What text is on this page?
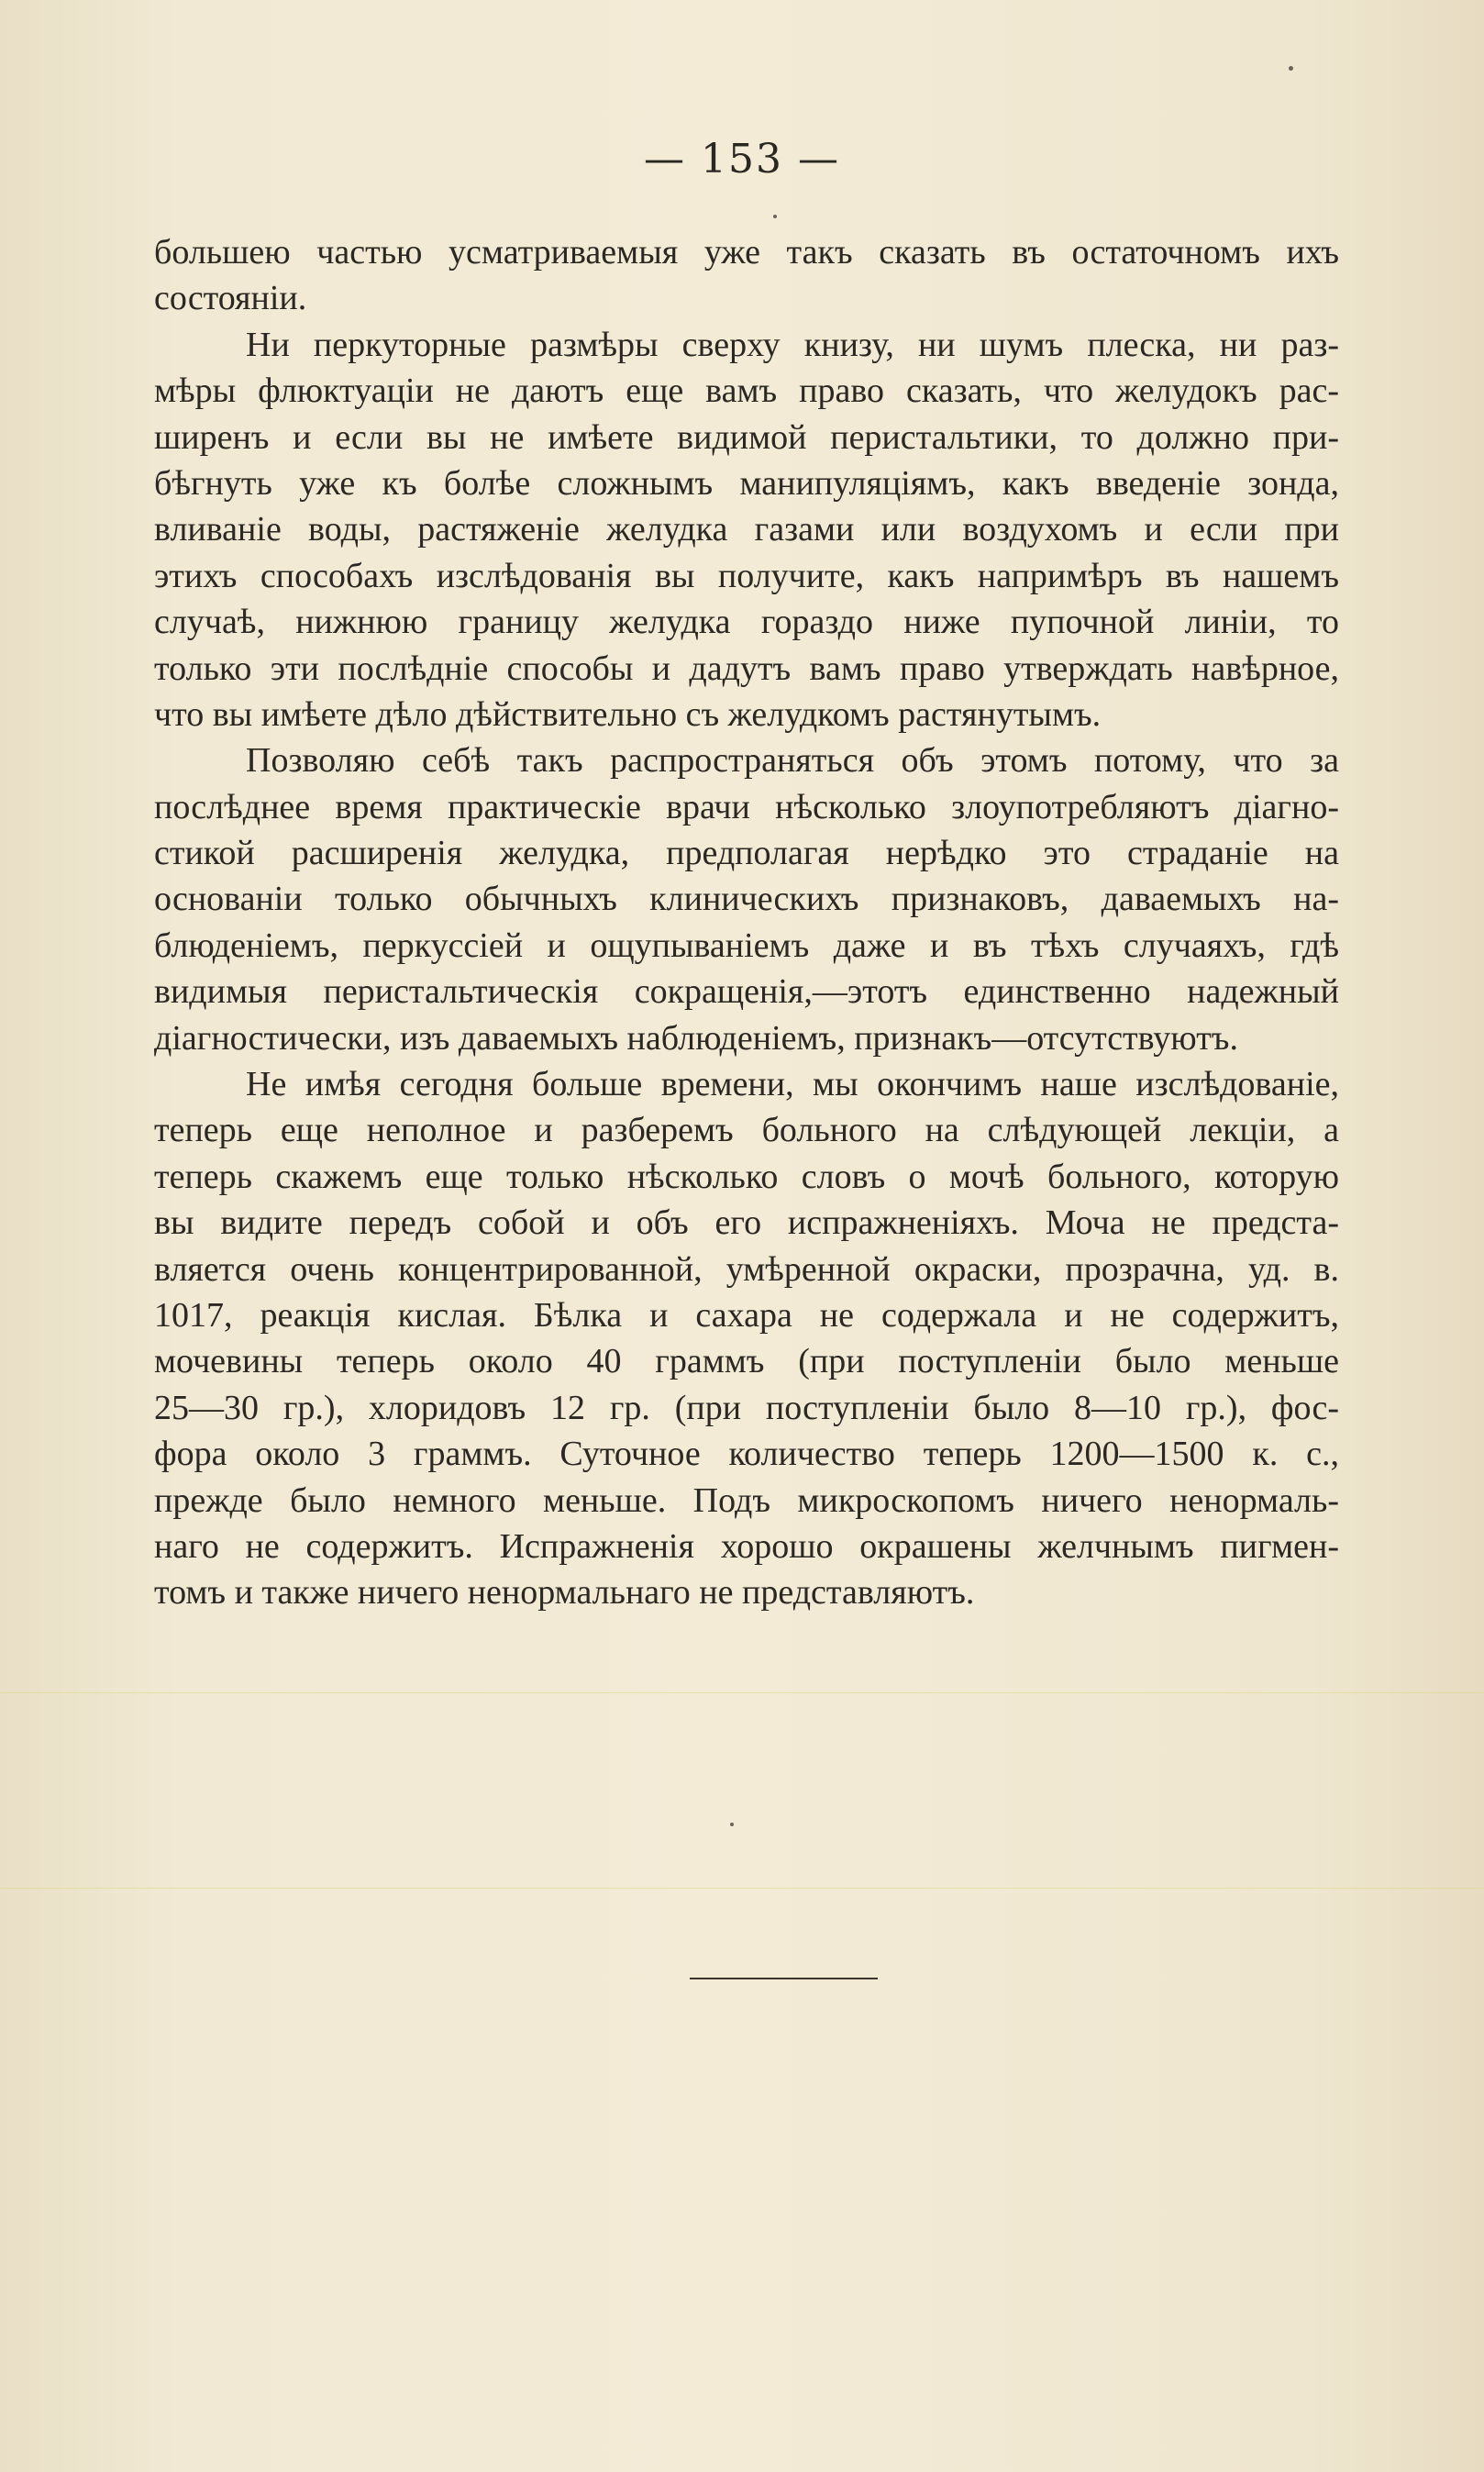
— 153 —
большею частью усматриваемыя уже такъ сказать въ остаточномъ ихъ
состояніи.
Ни перкуторные размѣры сверху книзу, ни шумъ плеска, ни раз-
мѣры флюктуаціи не даютъ еще вамъ право сказать, что желудокъ рас-
ширенъ и если вы не имѣете видимой перистальтики, то должно при-
бѣгнуть уже къ болѣе сложнымъ манипуляціямъ, какъ введеніе зонда,
вливаніе воды, растяженіе желудка газами или воздухомъ и если при
этихъ способахъ изслѣдованія вы получите, какъ напримѣръ въ нашемъ
случаѣ, нижнюю границу желудка гораздо ниже пупочной линіи, то
только эти послѣдніе способы и дадутъ вамъ право утверждать навѣрное,
что вы имѣете дѣло дѣйствительно съ желудкомъ растянутымъ.
Позволяю себѣ такъ распространяться объ этомъ потому, что за
послѣднее время практическіе врачи нѣсколько злоупотребляютъ діагно-
стикой расширенія желудка, предполагая нерѣдко это страданіе на
основаніи только обычныхъ клиническихъ признаковъ, даваемыхъ на-
блюденіемъ, перкуссіей и ощупываніемъ даже и въ тѣхъ случаяхъ, гдѣ
видимыя перистальтическія сокращенія,—этотъ единственно надежный
діагностически, изъ даваемыхъ наблюденіемъ, признакъ—отсутствуютъ.
Не имѣя сегодня больше времени, мы окончимъ наше изслѣдованіе,
теперь еще неполное и разберемъ больного на слѣдующей лекціи, а
теперь скажемъ еще только нѣсколько словъ о мочѣ больного, которую
вы видите передъ собой и объ его испражненіяхъ. Моча не предста-
вляется очень концентрированной, умѣренной окраски, прозрачна, уд. в.
1017, реакція кислая. Бѣлка и сахара не содержала и не содержитъ,
мочевины теперь около 40 граммъ (при поступленіи было меньше
25—30 гр.), хлоридовъ 12 гр. (при поступленіи было 8—10 гр.), фос-
фора около 3 граммъ. Суточное количество теперь 1200—1500 к. с.,
прежде было немного меньше. Подъ микроскопомъ ничего ненормаль-
наго не содержитъ. Испражненія хорошо окрашены желчнымъ пигмен-
томъ и также ничего ненормальнаго не представляютъ.
